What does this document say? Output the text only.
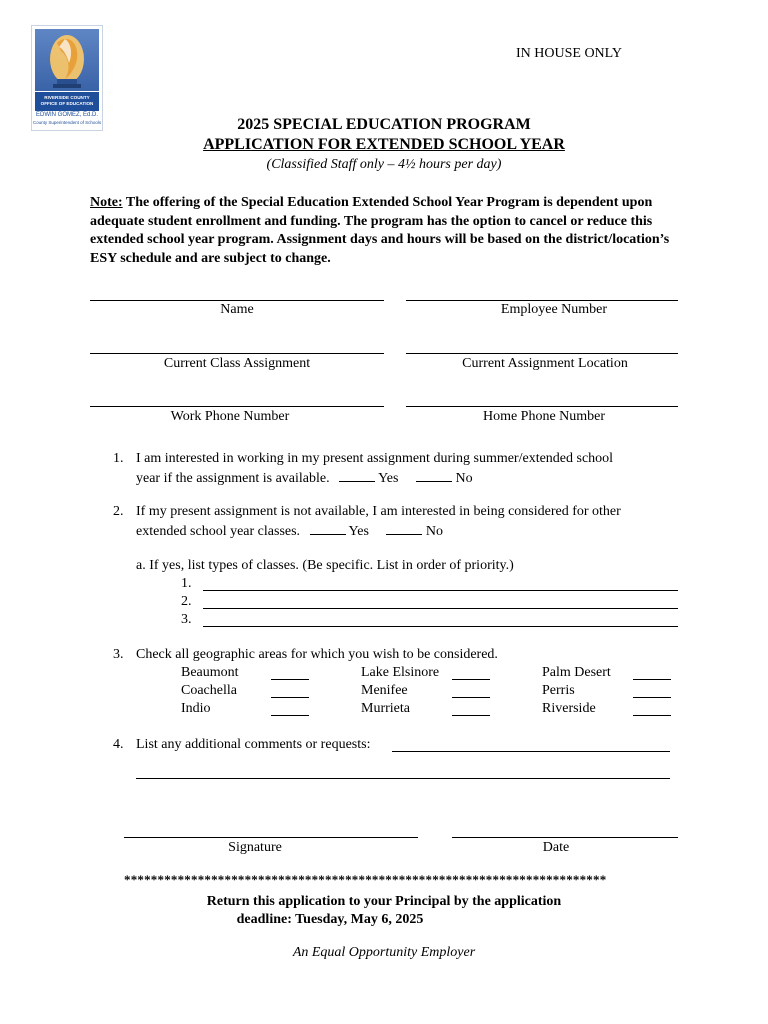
RIVERSIDE COUNTY
OFFICE OF EDUCATION
EDWIN GOMEZ, Ed.D.
County Superintendent of Schools
IN HOUSE ONLY
2025 SPECIAL EDUCATION PROGRAM
APPLICATION FOR EXTENDED SCHOOL YEAR
(Classified Staff only – 4½ hours per day)
Note: The offering of the Special Education Extended School Year Program is dependent upon adequate student enrollment and funding. The program has the option to cancel or reduce this extended school year program. Assignment days and hours will be based on the district/location’s ESY schedule and are subject to change.
Name	Employee Number
Current Class Assignment	Current Assignment Location
Work Phone Number	Home Phone Number
1. I am interested in working in my present assignment during summer/extended school
year if the assignment is available.	Yes	No
2. If my present assignment is not available, I am interested in being considered for other
extended school year classes.	Yes	No
a. If yes, list types of classes. (Be specific. List in order of priority.)
1.
2.
3.
3. Check all geographic areas for which you wish to be considered.
Beaumont	Lake Elsinore	Palm Desert
Coachella	Menifee	Perris
Indio	Murrieta	Riverside
4. List any additional comments or requests:
Signature	Date
************************************************************************
Return this application to your Principal by the application
deadline: Tuesday, May 6, 2025
An Equal Opportunity Employer
